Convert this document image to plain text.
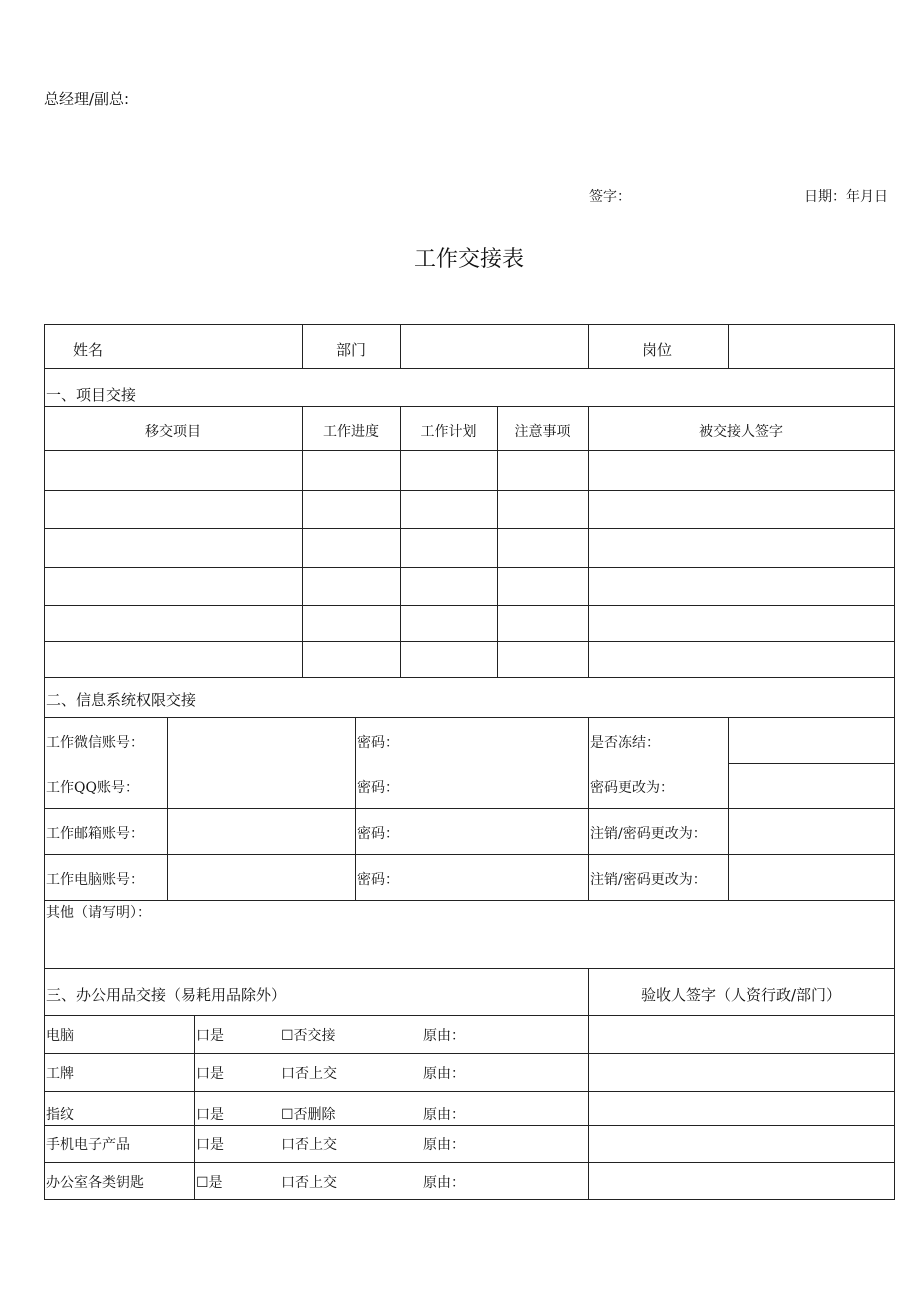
总经理/副总:
签字：	日期：年月日
工作交接表
姓名	部门	岗位
一、项目交接
移交项目	工作进度	工作计划	注意事项	被交接人签字
二、信息系统权限交接
工作微信账号：	密码：	是否冻结：
工作QQ账号：	密码：	密码更改为：
工作邮箱账号：	密码：	注销/密码更改为：
工作电脑账号：	密码：	注销/密码更改为：
其他（请写明）：
三、办公用品交接（易耗用品除外）	验收人签字（人资行政/部门）
电脑	口是	☐否交接	原由：
工牌	口是	口否上交	原由：
指纹	口是	☐否删除	原由：
手机电子产品	口是	口否上交	原由：
办公室各类钥匙	☐是	口否上交	原由：
